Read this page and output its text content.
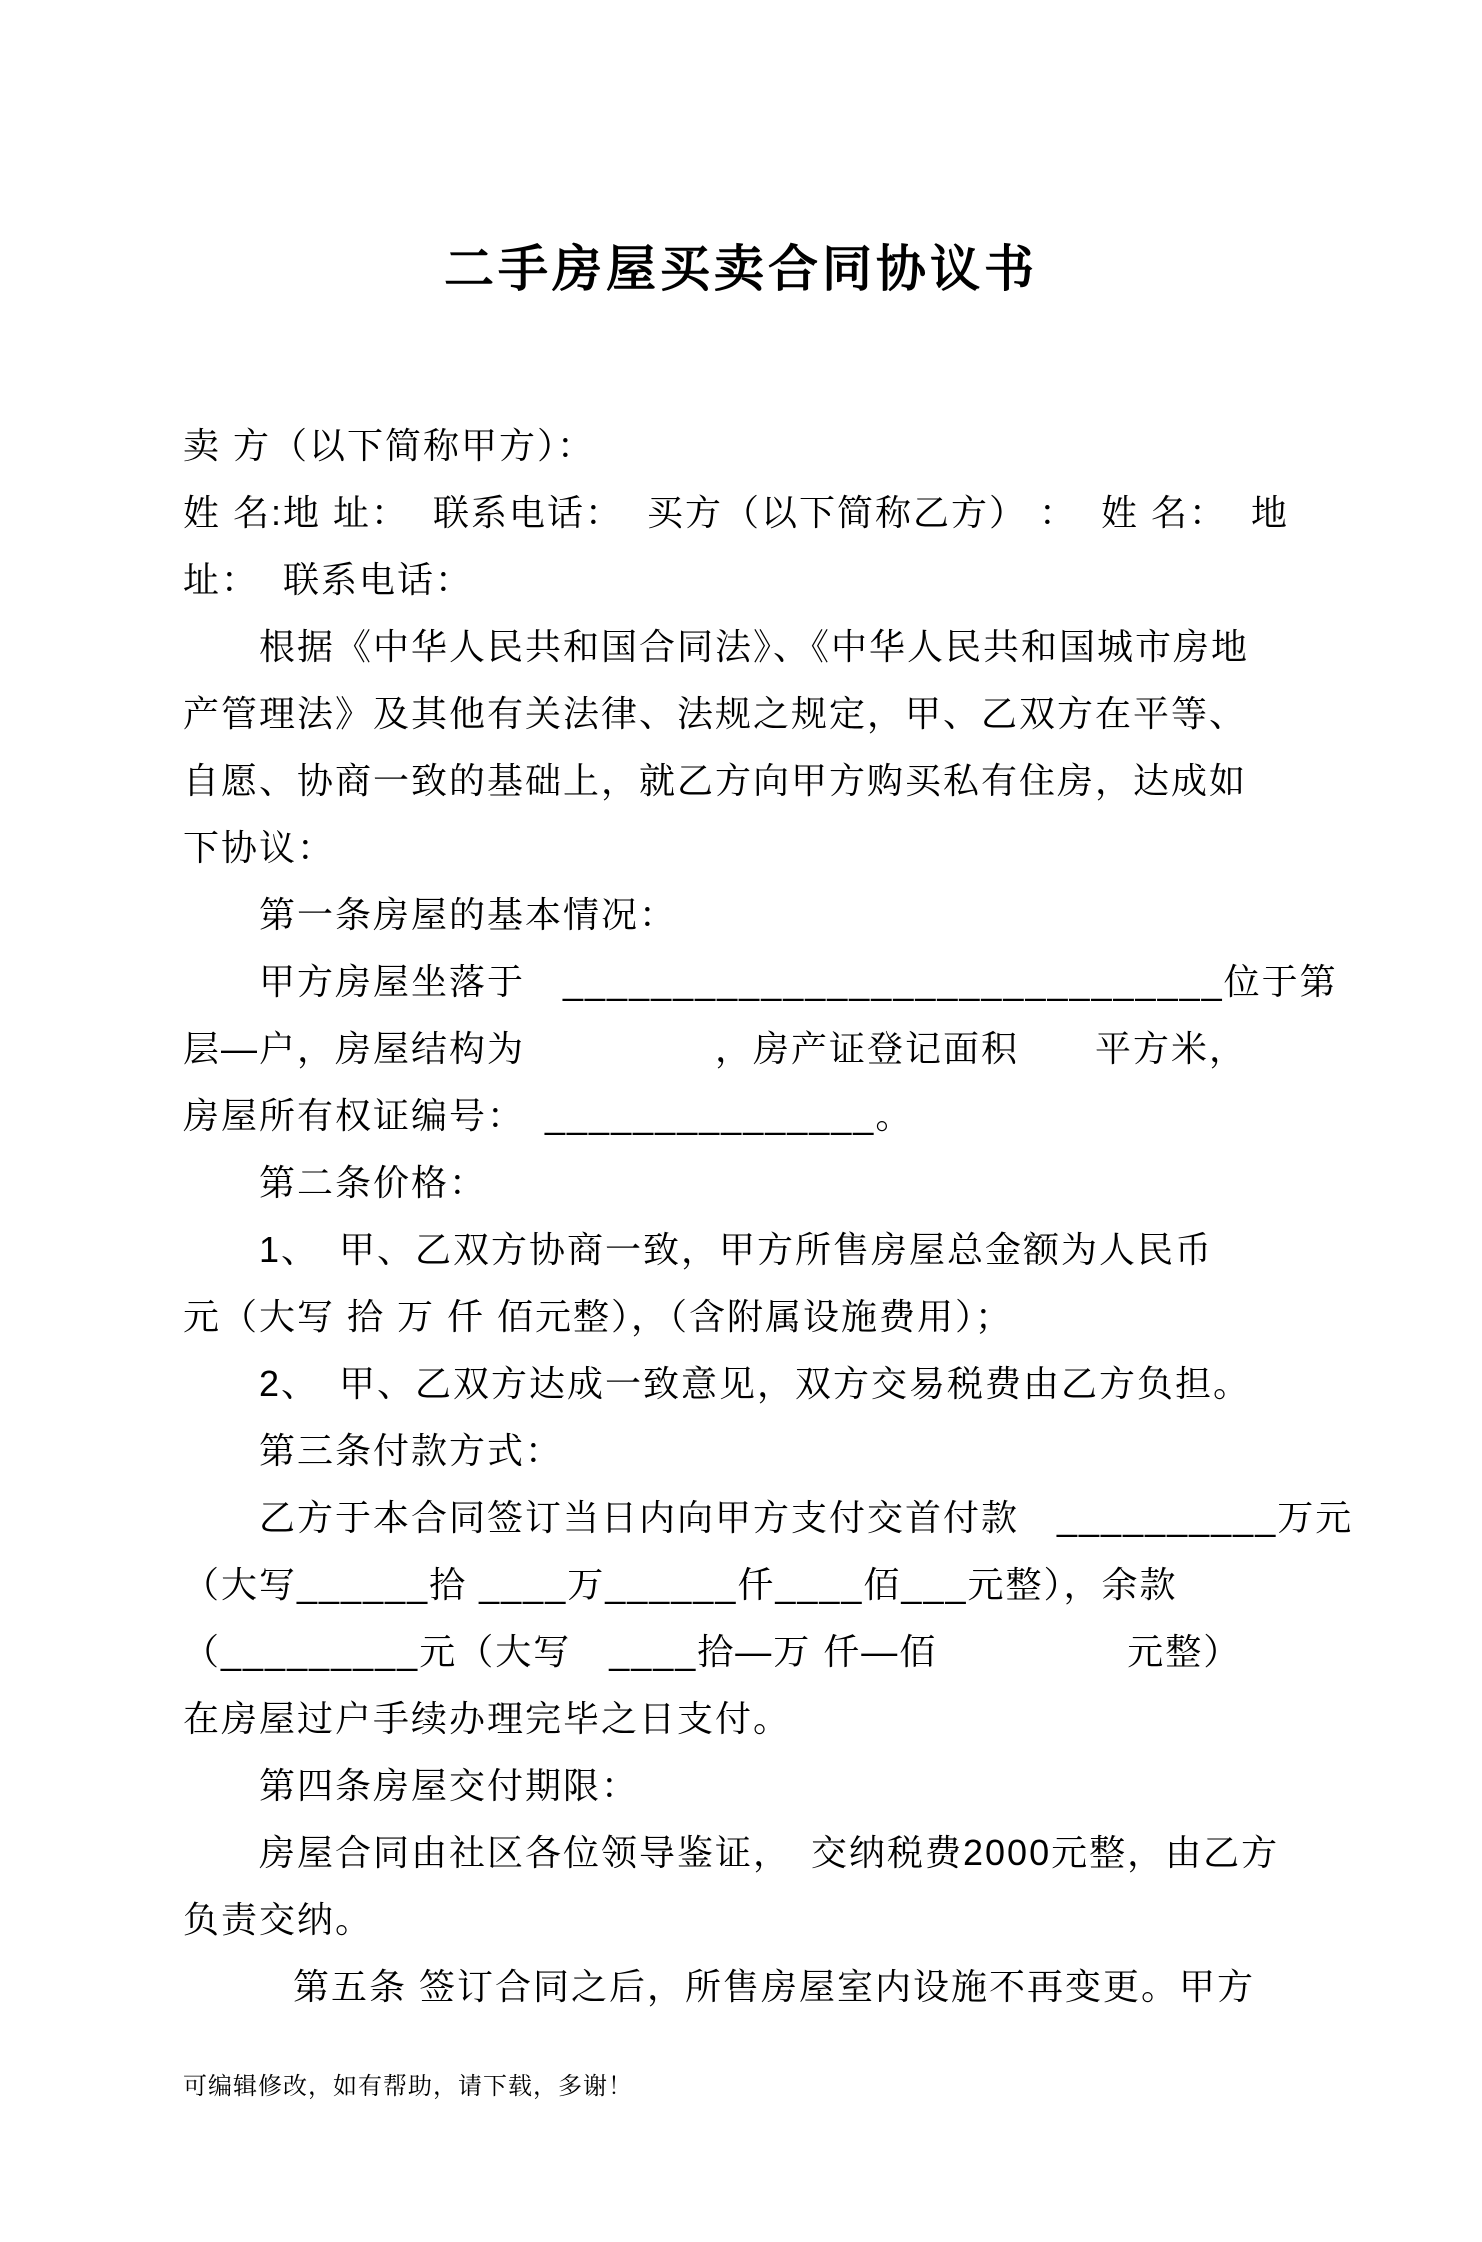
二手房屋买卖合同协议书
卖 方（以下简称甲方）：
姓 名:地 址：  联系电话：  买方（以下简称乙方） ：  姓 名：  地
址：  联系电话：
根据《中华人民共和国合同法》、《中华人民共和国城市房地
产管理法》及其他有关法律、法规之规定，甲、乙双方在平等、
自愿、协商一致的基础上，就乙方向甲方购买私有住房，达成如
下协议：
第一条房屋的基本情况：
甲方房屋坐落于　______________________________位于第
层—户，房屋结构为　　　　　，房产证登记面积　　平方米，
房屋所有权证编号：　_______________。
第二条价格：
1、　甲、乙双方协商一致，甲方所售房屋总金额为人民币
元（大写 拾 万 仟 佰元整），（含附属设施费用）；
2、　甲、乙双方达成一致意见，双方交易税费由乙方负担。
第三条付款方式：
乙方于本合同签订当日内向甲方支付交首付款　__________万元
（大写______拾 ____万______仟____佰___元整），余款
（_________元（大写　____拾—万 仟—佰　　　　　元整）
在房屋过户手续办理完毕之日支付。
第四条房屋交付期限：
房屋合同由社区各位领导鉴证，　交纳税费2000元整，由乙方
负责交纳。
第五条 签订合同之后，所售房屋室内设施不再变更。甲方
可编辑修改，如有帮助，请下载，多谢！
